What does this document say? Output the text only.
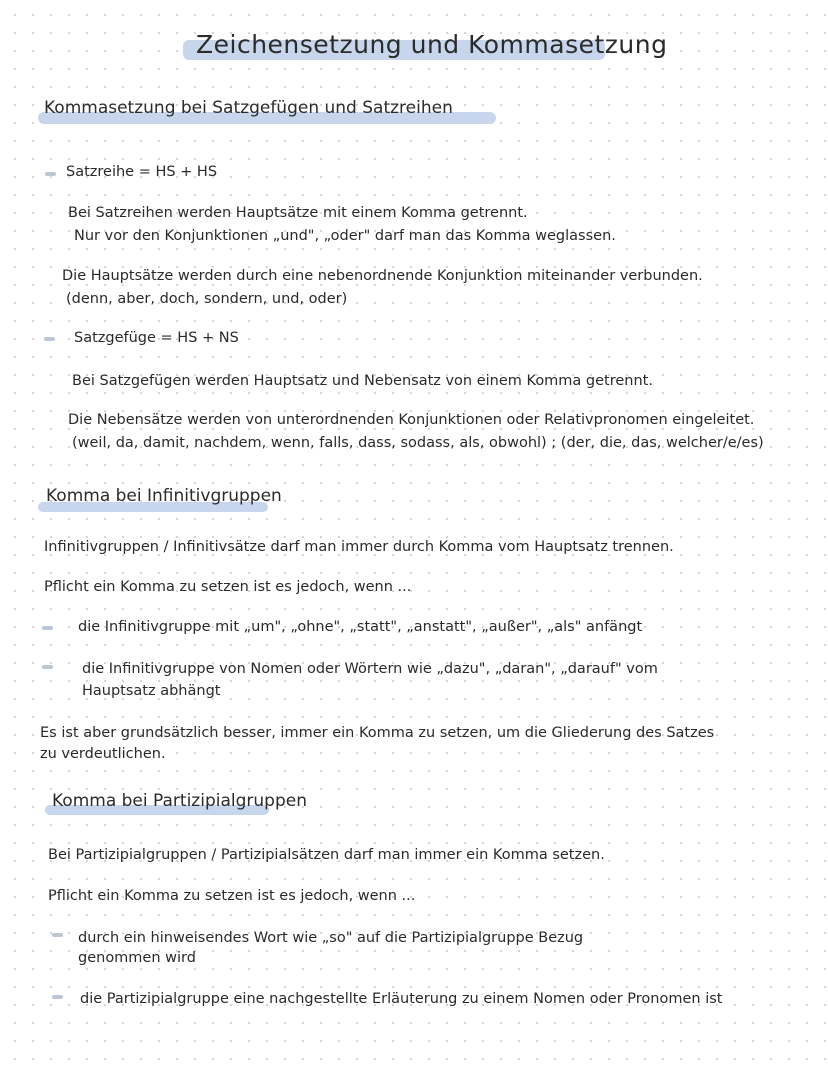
Zeichensetzung und Kommasetzung

Kommasetzung bei Satzgefügen und Satzreihen

Satzreihe = HS + HS

Bei Satzreihen werden Hauptsätze mit einem Komma getrennt.

Nur vor den Konjunktionen „und", „oder" darf man das Komma weglassen.

Die Hauptsätze werden durch eine nebenordnende Konjunktion miteinander verbunden.

(denn, aber, doch, sondern, und, oder)

Satzgefüge = HS + NS

Bei Satzgefügen werden Hauptsatz und Nebensatz von einem Komma getrennt.

Die Nebensätze werden von unterordnenden Konjunktionen oder Relativpronomen eingeleitet.

(weil, da, damit, nachdem, wenn, falls, dass, sodass, als, obwohl) ; (der, die, das, welcher/e/es)

Komma bei Infinitivgruppen

Infinitivgruppen / Infinitivsätze darf man immer durch Komma vom Hauptsatz trennen.

Pflicht ein Komma zu setzen ist es jedoch, wenn ...

die Infinitivgruppe mit „um", „ohne", „statt", „anstatt", „außer", „als" anfängt

die Infinitivgruppe von Nomen oder Wörtern wie „dazu", „daran", „darauf" vom

Hauptsatz abhängt

Es ist aber grundsätzlich besser, immer ein Komma zu setzen, um die Gliederung des Satzes

zu verdeutlichen.

Komma bei Partizipialgruppen

Bei Partizipialgruppen / Partizipialsätzen darf man immer ein Komma setzen.

Pflicht ein Komma zu setzen ist es jedoch, wenn ...

durch ein hinweisendes Wort wie „so" auf die Partizipialgruppe Bezug

genommen wird

die Partizipialgruppe eine nachgestellte Erläuterung zu einem Nomen oder Pronomen ist
